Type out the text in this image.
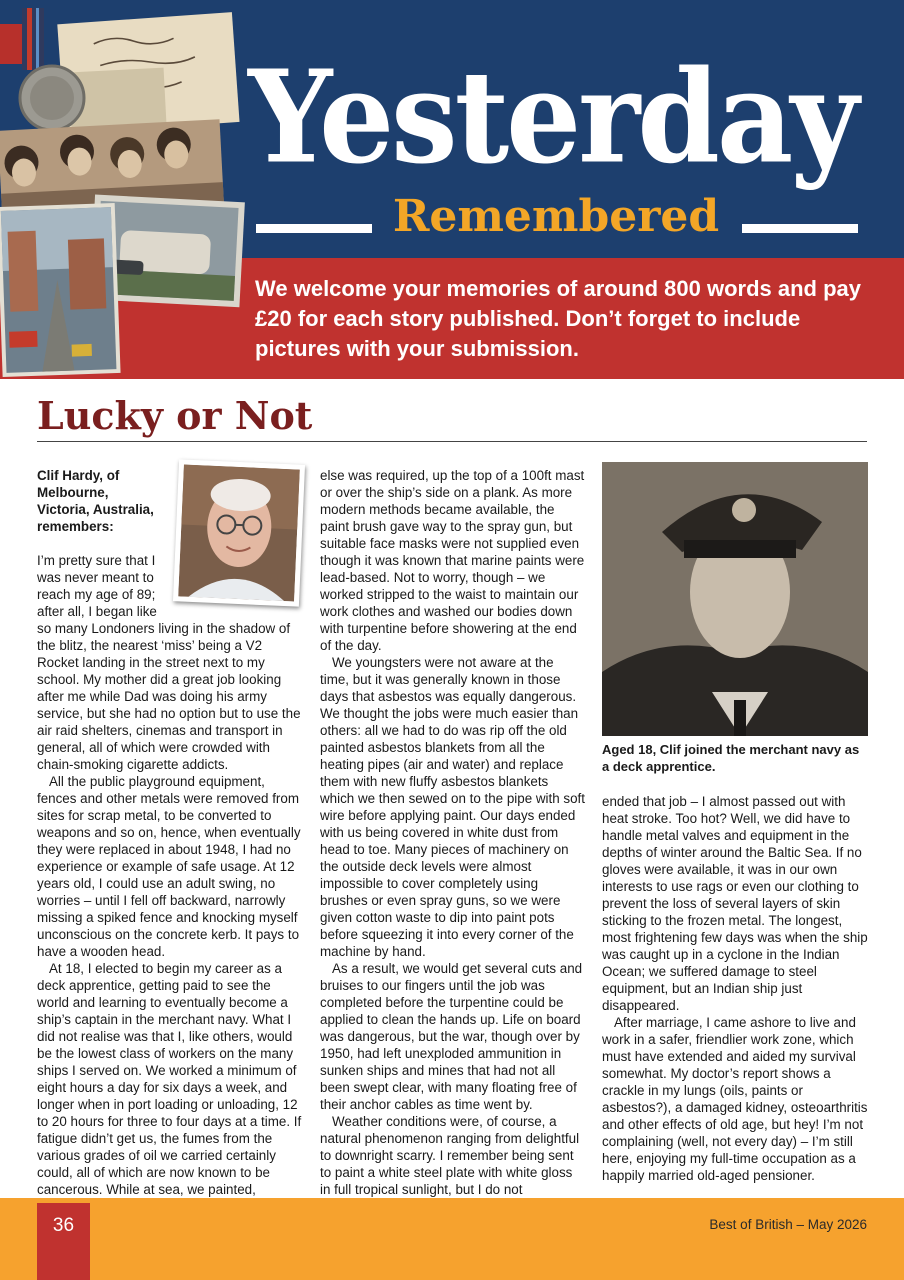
Yesterday
Remembered
We welcome your memories of around 800 words and pay £20 for each story published. Don’t forget to include pictures with your submission.
Lucky or Not

Clif Hardy, of Melbourne, Victoria, Australia, remembers:

I’m pretty sure that I was never meant to reach my age of 89; after all, I began like so many Londoners living in the shadow of the blitz, the nearest ‘miss’ being a V2 Rocket landing in the street next to my school. My mother did a great job looking after me while Dad was doing his army service, but she had no option but to use the air raid shelters, cinemas and transport in general, all of which were crowded with chain-smoking cigarette addicts.

All the public playground equipment, fences and other metals were removed from sites for scrap metal, to be converted to weapons and so on, hence, when eventually they were replaced in about 1948, I had no experience or example of safe usage. At 12 years old, I could use an adult swing, no worries – until I fell off backward, narrowly missing a spiked fence and knocking myself unconscious on the concrete kerb. It pays to have a wooden head.

At 18, I elected to begin my career as a deck apprentice, getting paid to see the world and learning to eventually become a ship’s captain in the merchant navy. What I did not realise was that I, like others, would be the lowest class of workers on the many ships I served on. We worked a minimum of eight hours a day for six days a week, and longer when in port loading or unloading, 12 to 20 hours for three to four days at a time. If fatigue didn’t get us, the fumes from the various grades of oil we carried certainly could, all of which are now known to be cancerous. While at sea, we painted,

else was required, up the top of a 100ft mast or over the ship’s side on a plank. As more modern methods became available, the paint brush gave way to the spray gun, but suitable face masks were not supplied even though it was known that marine paints were lead-based. Not to worry, though – we worked stripped to the waist to maintain our work clothes and washed our bodies down with turpentine before showering at the end of the day.

We youngsters were not aware at the time, but it was generally known in those days that asbestos was equally dangerous. We thought the jobs were much easier than others: all we had to do was rip off the old painted asbestos blankets from all the heating pipes (air and water) and replace them with new fluffy asbestos blankets which we then sewed on to the pipe with soft wire before applying paint. Our days ended with us being covered in white dust from head to toe. Many pieces of machinery on the outside deck levels were almost impossible to cover completely using brushes or even spray guns, so we were given cotton waste to dip into paint pots before squeezing it into every corner of the machine by hand.

As a result, we would get several cuts and bruises to our fingers until the job was completed before the turpentine could be applied to clean the hands up. Life on board was dangerous, but the war, though over by 1950, had left unexploded ammunition in sunken ships and mines that had not all been swept clear, with many floating free of their anchor cables as time went by.

Weather conditions were, of course, a natural phenomenon ranging from delightful to downright scarry. I remember being sent to paint a white steel plate with white gloss in full tropical sunlight, but I do not

Aged 18, Clif joined the merchant navy as a deck apprentice.

ended that job – I almost passed out with heat stroke. Too hot? Well, we did have to handle metal valves and equipment in the depths of winter around the Baltic Sea. If no gloves were available, it was in our own interests to use rags or even our clothing to prevent the loss of several layers of skin sticking to the frozen metal. The longest, most frightening few days was when the ship was caught up in a cyclone in the Indian Ocean; we suffered damage to steel equipment, but an Indian ship just disappeared.

After marriage, I came ashore to live and work in a safer, friendlier work zone, which must have extended and aided my survival somewhat. My doctor’s report shows a crackle in my lungs (oils, paints or asbestos?), a damaged kidney, osteoarthritis and other effects of old age, but hey! I’m not complaining (well, not every day) – I’m still here, enjoying my full-time occupation as a happily married old-aged pensioner.

36	Best of British – May 2026
